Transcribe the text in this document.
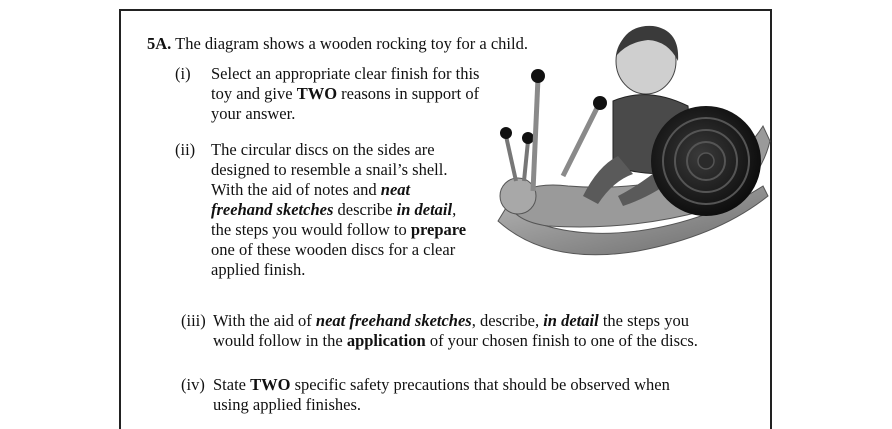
5A. The diagram shows a wooden rocking toy for a child.
(i) Select an appropriate clear finish for this
toy and give TWO reasons in support of
your answer.
(ii) The circular discs on the sides are
designed to resemble a snail’s shell.
With the aid of notes and neat
freehand sketches describe in detail,
the steps you would follow to prepare
one of these wooden discs for a clear
applied finish.
(iii) With the aid of neat freehand sketches, describe, in detail the steps you
would follow in the application of your chosen finish to one of the discs.
(iv) State TWO specific safety precautions that should be observed when
using applied finishes.
